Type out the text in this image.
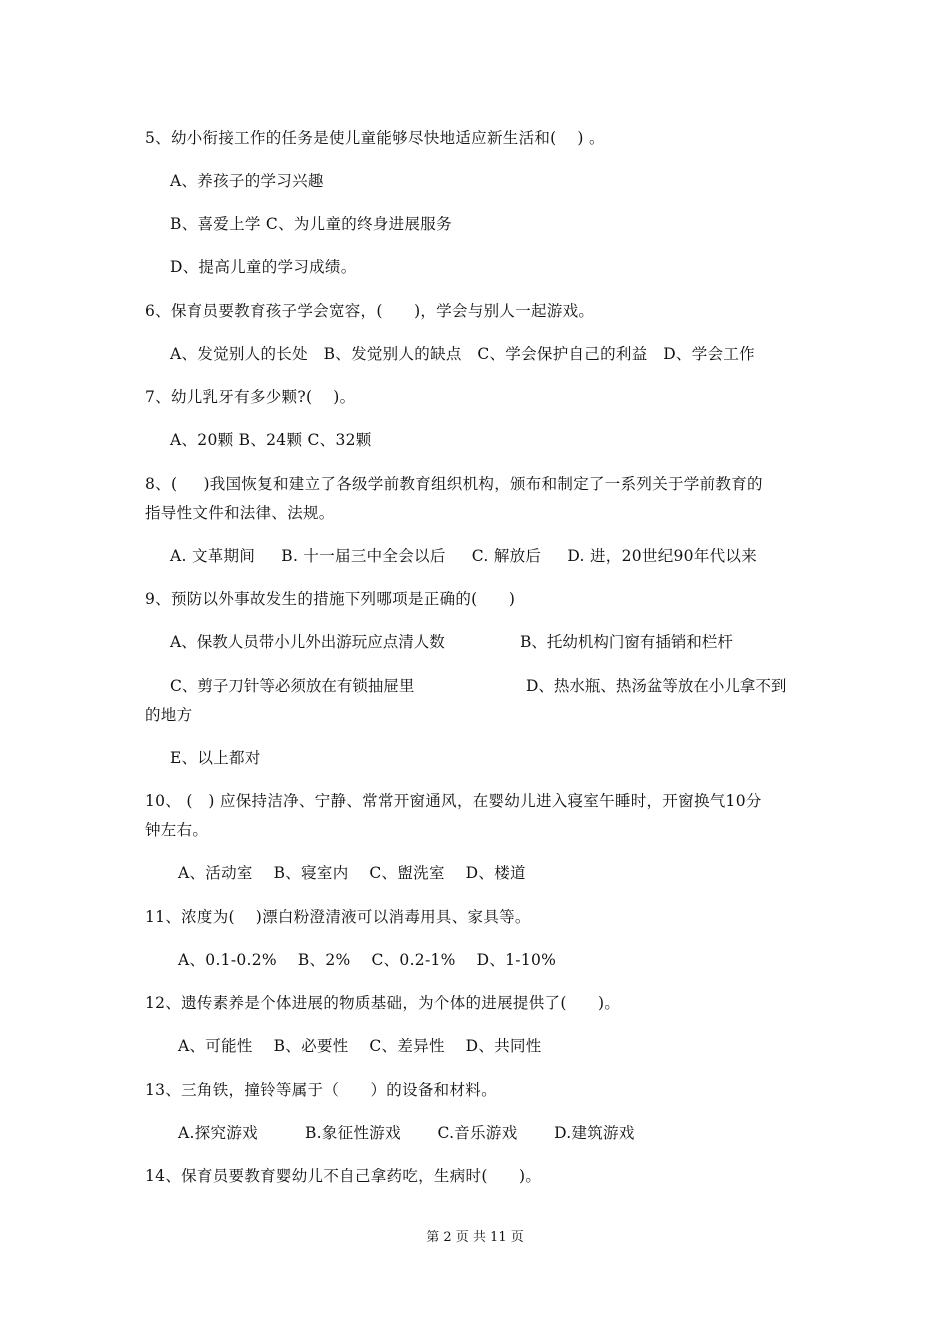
5、幼小衔接工作的任务是使儿童能够尽快地适应新生活和(    ) 。
A、养孩子的学习兴趣
B、喜爱上学 C、为儿童的终身进展服务
D、提高儿童的学习成绩。
6、保育员要教育孩子学会宽容，(      )，学会与别人一起游戏。
A、发觉别人的长处   B、发觉别人的缺点   C、学会保护自己的利益   D、学会工作
7、幼儿乳牙有多少颗?(    )。
A、20颗 B、24颗 C、32颗
8、(     )我国恢复和建立了各级学前教育组织机构，颁布和制定了一系列关于学前教育的
指导性文件和法律、法规。
A. 文革期间     B. 十一届三中全会以后     C. 解放后     D. 进，20世纪90年代以来
9、预防以外事故发生的措施下列哪项是正确的(      )
A、保教人员带小儿外出游玩应点清人数	B、托幼机构门窗有插销和栏杆
C、剪子刀针等必须放在有锁抽屉里	D、热水瓶、热汤盆等放在小儿拿不到
的地方
E、以上都对
10、 (   ) 应保持洁净、宁静、常常开窗通风，在婴幼儿进入寝室午睡时，开窗换气10分
钟左右。
A、活动室    B、寝室内    C、盥洗室    D、楼道
11、浓度为(    )漂白粉澄清液可以消毒用具、家具等。
A、0.1-0.2%    B、2%    C、0.2-1%    D、1-10%
12、遗传素养是个体进展的物质基础，为个体的进展提供了(      )。
A、可能性    B、必要性    C、差异性    D、共同性
13、三角铁，撞铃等属于（      ）的设备和材料。
A.探究游戏         B.象征性游戏       C.音乐游戏       D.建筑游戏
14、保育员要教育婴幼儿不自己拿药吃，生病时(      )。
第 2 页 共 11 页
